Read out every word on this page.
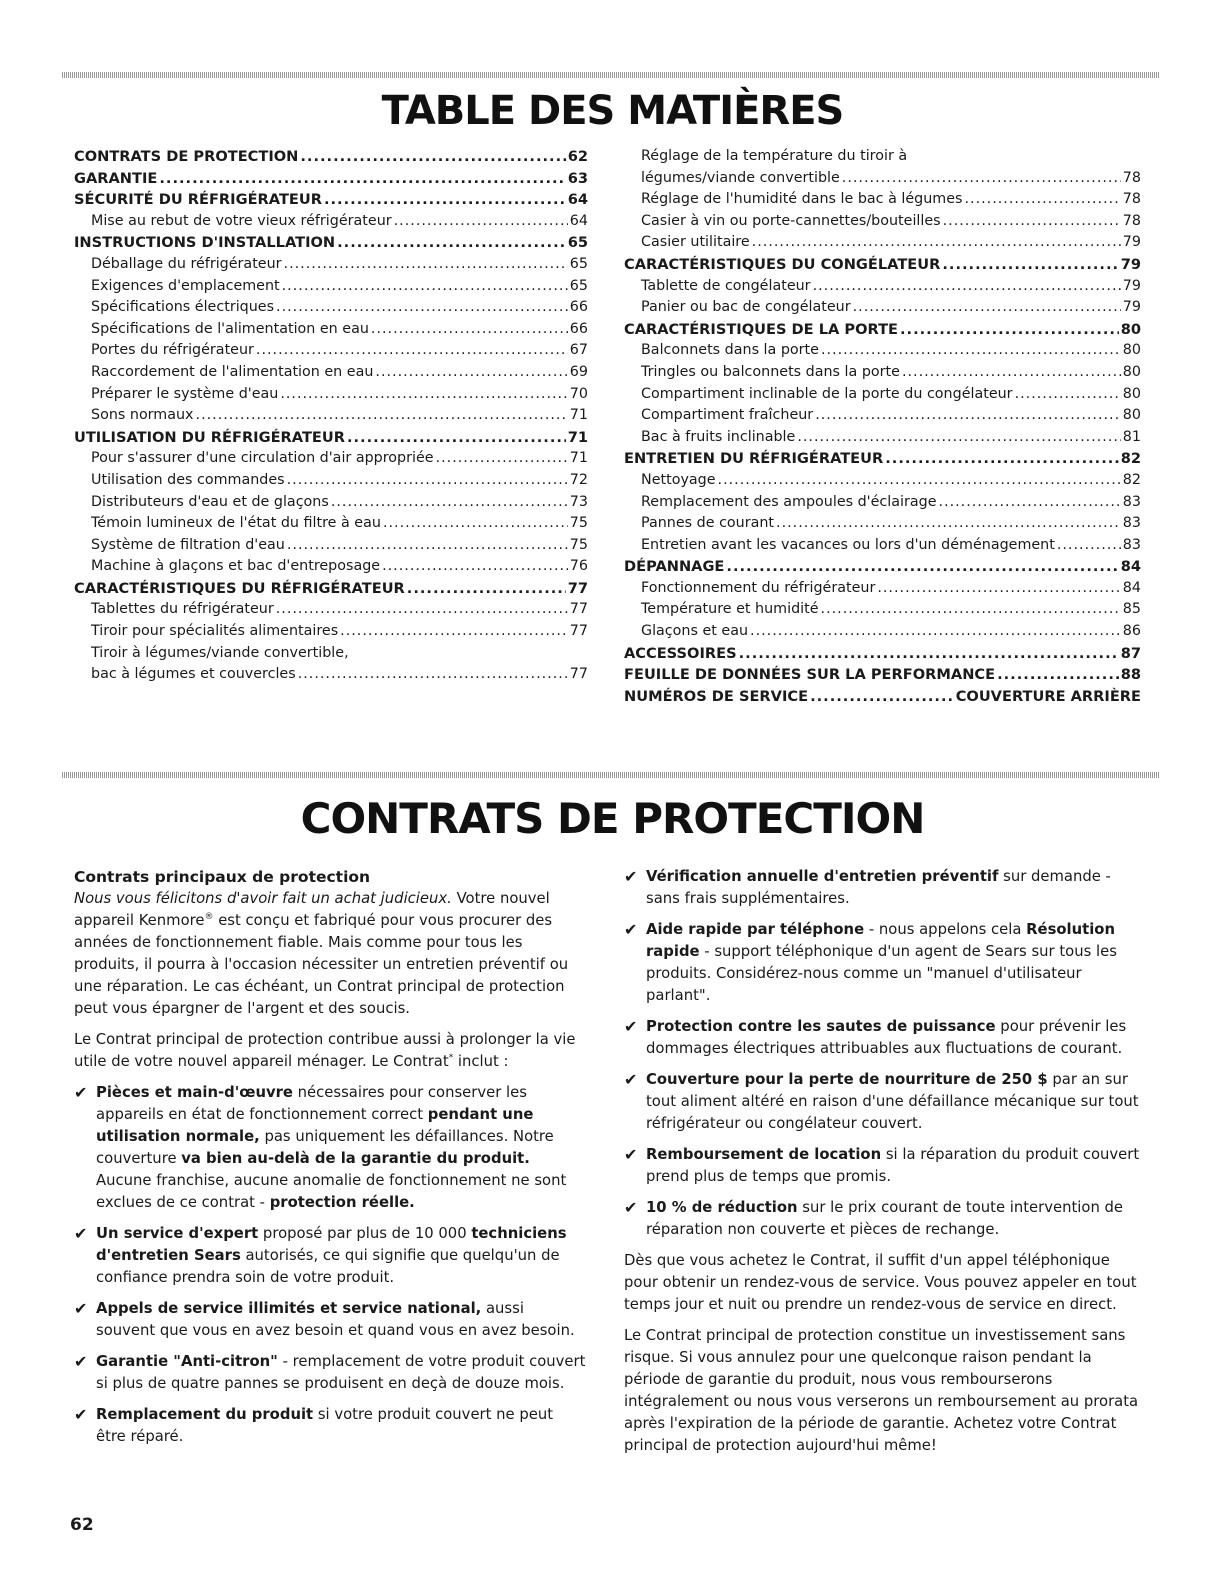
TABLE DES MATIÈRES
CONTRATS DE PROTECTION .....	62
GARANTIE .....	63
SÉCURITÉ DU RÉFRIGÉRATEUR .....	64
Mise au rebut de votre vieux réfrigérateur .....	64
INSTRUCTIONS D'INSTALLATION .....	65
Déballage du réfrigérateur .....	65
Exigences d'emplacement .....	65
Spécifications électriques .....	66
Spécifications de l'alimentation en eau .....	66
Portes du réfrigérateur .....	67
Raccordement de l'alimentation en eau .....	69
Préparer le système d'eau .....	70
Sons normaux .....	71
UTILISATION DU RÉFRIGÉRATEUR .....	71
Pour s'assurer d'une circulation d'air appropriée .....	71
Utilisation des commandes .....	72
Distributeurs d'eau et de glaçons .....	73
Témoin lumineux de l'état du filtre à eau .....	75
Système de filtration d'eau .....	75
Machine à glaçons et bac d'entreposage .....	76
CARACTÉRISTIQUES DU RÉFRIGÉRATEUR .....	77
Tablettes du réfrigérateur .....	77
Tiroir pour spécialités alimentaires .....	77
Tiroir à légumes/viande convertible,
bac à légumes et couvercles .....	77
Réglage de la température du tiroir à
légumes/viande convertible .....	78
Réglage de l'humidité dans le bac à légumes .....	78
Casier à vin ou porte-cannettes/bouteilles .....	78
Casier utilitaire .....	79
CARACTÉRISTIQUES DU CONGÉLATEUR .....	79
Tablette de congélateur .....	79
Panier ou bac de congélateur .....	79
CARACTÉRISTIQUES DE LA PORTE .....	80
Balconnets dans la porte .....	80
Tringles ou balconnets dans la porte .....	80
Compartiment inclinable de la porte du congélateur .....	80
Compartiment fraîcheur .....	80
Bac à fruits inclinable .....	81
ENTRETIEN DU RÉFRIGÉRATEUR .....	82
Nettoyage .....	82
Remplacement des ampoules d'éclairage .....	83
Pannes de courant .....	83
Entretien avant les vacances ou lors d'un déménagement .....	83
DÉPANNAGE .....	84
Fonctionnement du réfrigérateur .....	84
Température et humidité .....	85
Glaçons et eau .....	86
ACCESSOIRES .....	87
FEUILLE DE DONNÉES SUR LA PERFORMANCE .....	88
NUMÉROS DE SERVICE .....	COUVERTURE ARRIÈRE
CONTRATS DE PROTECTION
Contrats principaux de protection

Nous vous félicitons d'avoir fait un achat judicieux. Votre nouvel appareil Kenmore® est conçu et fabriqué pour vous procurer des années de fonctionnement fiable. Mais comme pour tous les produits, il pourra à l'occasion nécessiter un entretien préventif ou une réparation. Le cas échéant, un Contrat principal de protection peut vous épargner de l'argent et des soucis.

Le Contrat principal de protection contribue aussi à prolonger la vie utile de votre nouvel appareil ménager. Le Contrat* inclut :

✔ Pièces et main-d'œuvre nécessaires pour conserver les appareils en état de fonctionnement correct pendant une utilisation normale, pas uniquement les défaillances. Notre couverture va bien au-delà de la garantie du produit. Aucune franchise, aucune anomalie de fonctionnement ne sont exclues de ce contrat - protection réelle.
✔ Un service d'expert proposé par plus de 10 000 techniciens d'entretien Sears autorisés, ce qui signifie que quelqu'un de confiance prendra soin de votre produit.
✔ Appels de service illimités et service national, aussi souvent que vous en avez besoin et quand vous en avez besoin.
✔ Garantie "Anti-citron" - remplacement de votre produit couvert si plus de quatre pannes se produisent en deçà de douze mois.
✔ Remplacement du produit si votre produit couvert ne peut être réparé.
✔ Vérification annuelle d'entretien préventif sur demande - sans frais supplémentaires.
✔ Aide rapide par téléphone - nous appelons cela Résolution rapide - support téléphonique d'un agent de Sears sur tous les produits. Considérez-nous comme un "manuel d'utilisateur parlant".
✔ Protection contre les sautes de puissance pour prévenir les dommages électriques attribuables aux fluctuations de courant.
✔ Couverture pour la perte de nourriture de 250 $ par an sur tout aliment altéré en raison d'une défaillance mécanique sur tout réfrigérateur ou congélateur couvert.
✔ Remboursement de location si la réparation du produit couvert prend plus de temps que promis.
✔ 10 % de réduction sur le prix courant de toute intervention de réparation non couverte et pièces de rechange.

Dès que vous achetez le Contrat, il suffit d'un appel téléphonique pour obtenir un rendez-vous de service. Vous pouvez appeler en tout temps jour et nuit ou prendre un rendez-vous de service en direct.

Le Contrat principal de protection constitue un investissement sans risque. Si vous annulez pour une quelconque raison pendant la période de garantie du produit, nous vous rembourserons intégralement ou nous vous verserons un remboursement au prorata après l'expiration de la période de garantie. Achetez votre Contrat principal de protection aujourd'hui même!

62
